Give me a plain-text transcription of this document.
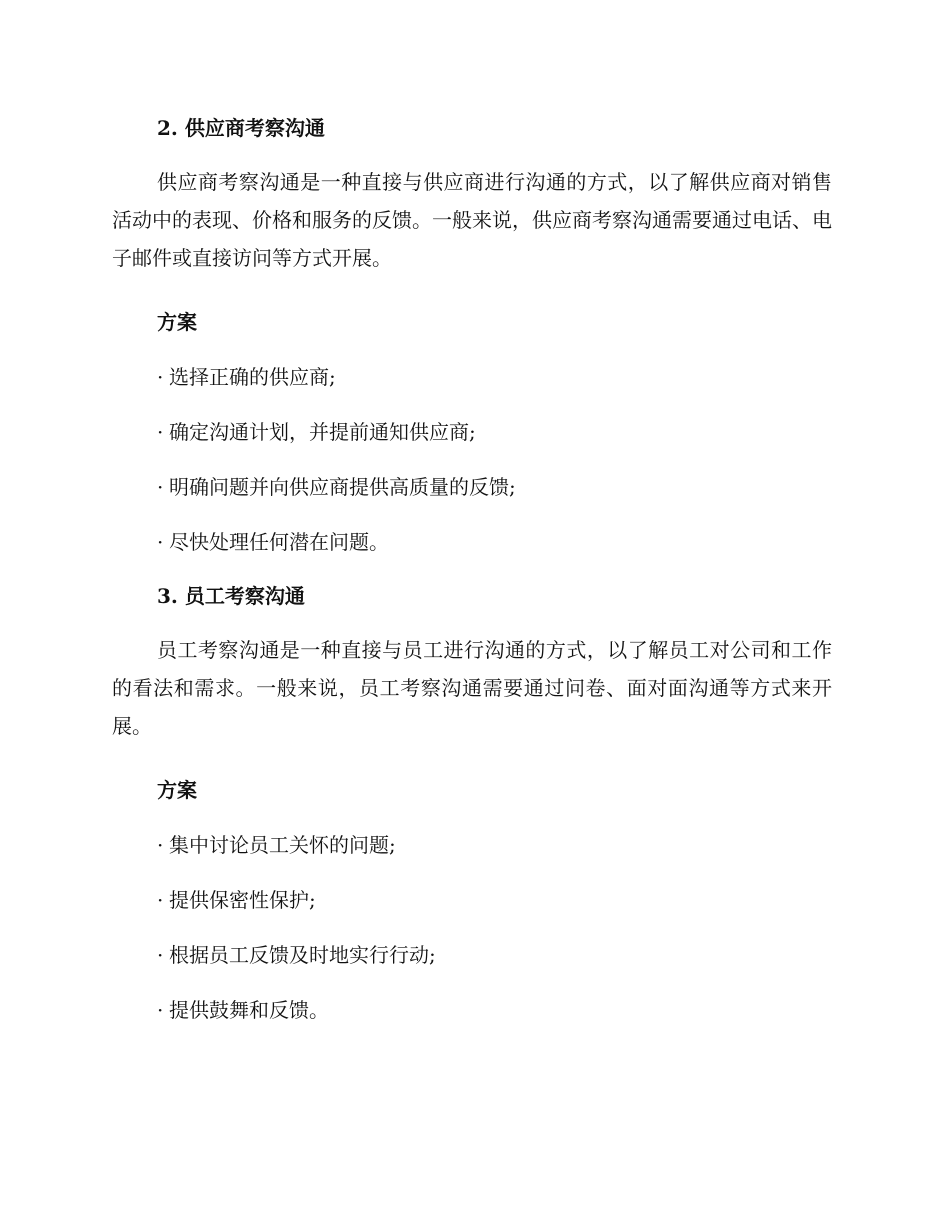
2. 供应商考察沟通
供应商考察沟通是一种直接与供应商进行沟通的方式，以了解供应商对销售活动中的表现、价格和服务的反馈。一般来说，供应商考察沟通需要通过电话、电子邮件或直接访问等方式开展。
方案
· 选择正确的供应商;
· 确定沟通计划，并提前通知供应商;
· 明确问题并向供应商提供高质量的反馈;
· 尽快处理任何潜在问题。
3. 员工考察沟通
员工考察沟通是一种直接与员工进行沟通的方式，以了解员工对公司和工作的看法和需求。一般来说，员工考察沟通需要通过问卷、面对面沟通等方式来开展。
方案
· 集中讨论员工关怀的问题;
· 提供保密性保护;
· 根据员工反馈及时地实行行动;
· 提供鼓舞和反馈。
